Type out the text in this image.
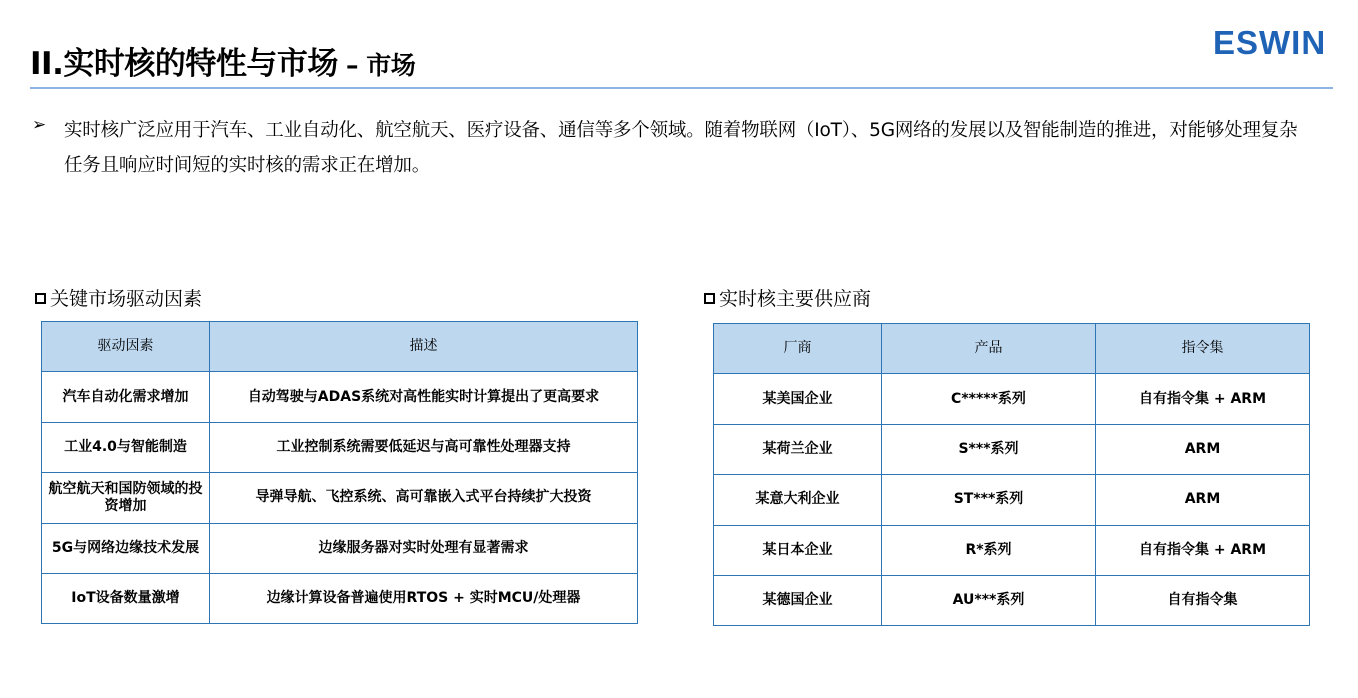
II.实时核的特性与市场 – 市场
ESWIN
➢ 实时核广泛应用于汽车、工业自动化、航空航天、医疗设备、通信等多个领域。随着物联网（IoT）、5G网络的发展以及智能制造的推进，对能够处理复杂任务且响应时间短的实时核的需求正在增加。
关键市场驱动因素
驱动因素	描述
汽车自动化需求增加	自动驾驶与ADAS系统对高性能实时计算提出了更高要求
工业4.0与智能制造	工业控制系统需要低延迟与高可靠性处理器支持
航空航天和国防领域的投资增加	导弹导航、飞控系统、高可靠嵌入式平台持续扩大投资
5G与网络边缘技术发展	边缘服务器对实时处理有显著需求
IoT设备数量激增	边缘计算设备普遍使用RTOS + 实时MCU/处理器
实时核主要供应商
厂商	产品	指令集
某美国企业	C*****系列	自有指令集 + ARM
某荷兰企业	S***系列	ARM
某意大利企业	ST***系列	ARM
某日本企业	R*系列	自有指令集 + ARM
某德国企业	AU***系列	自有指令集
